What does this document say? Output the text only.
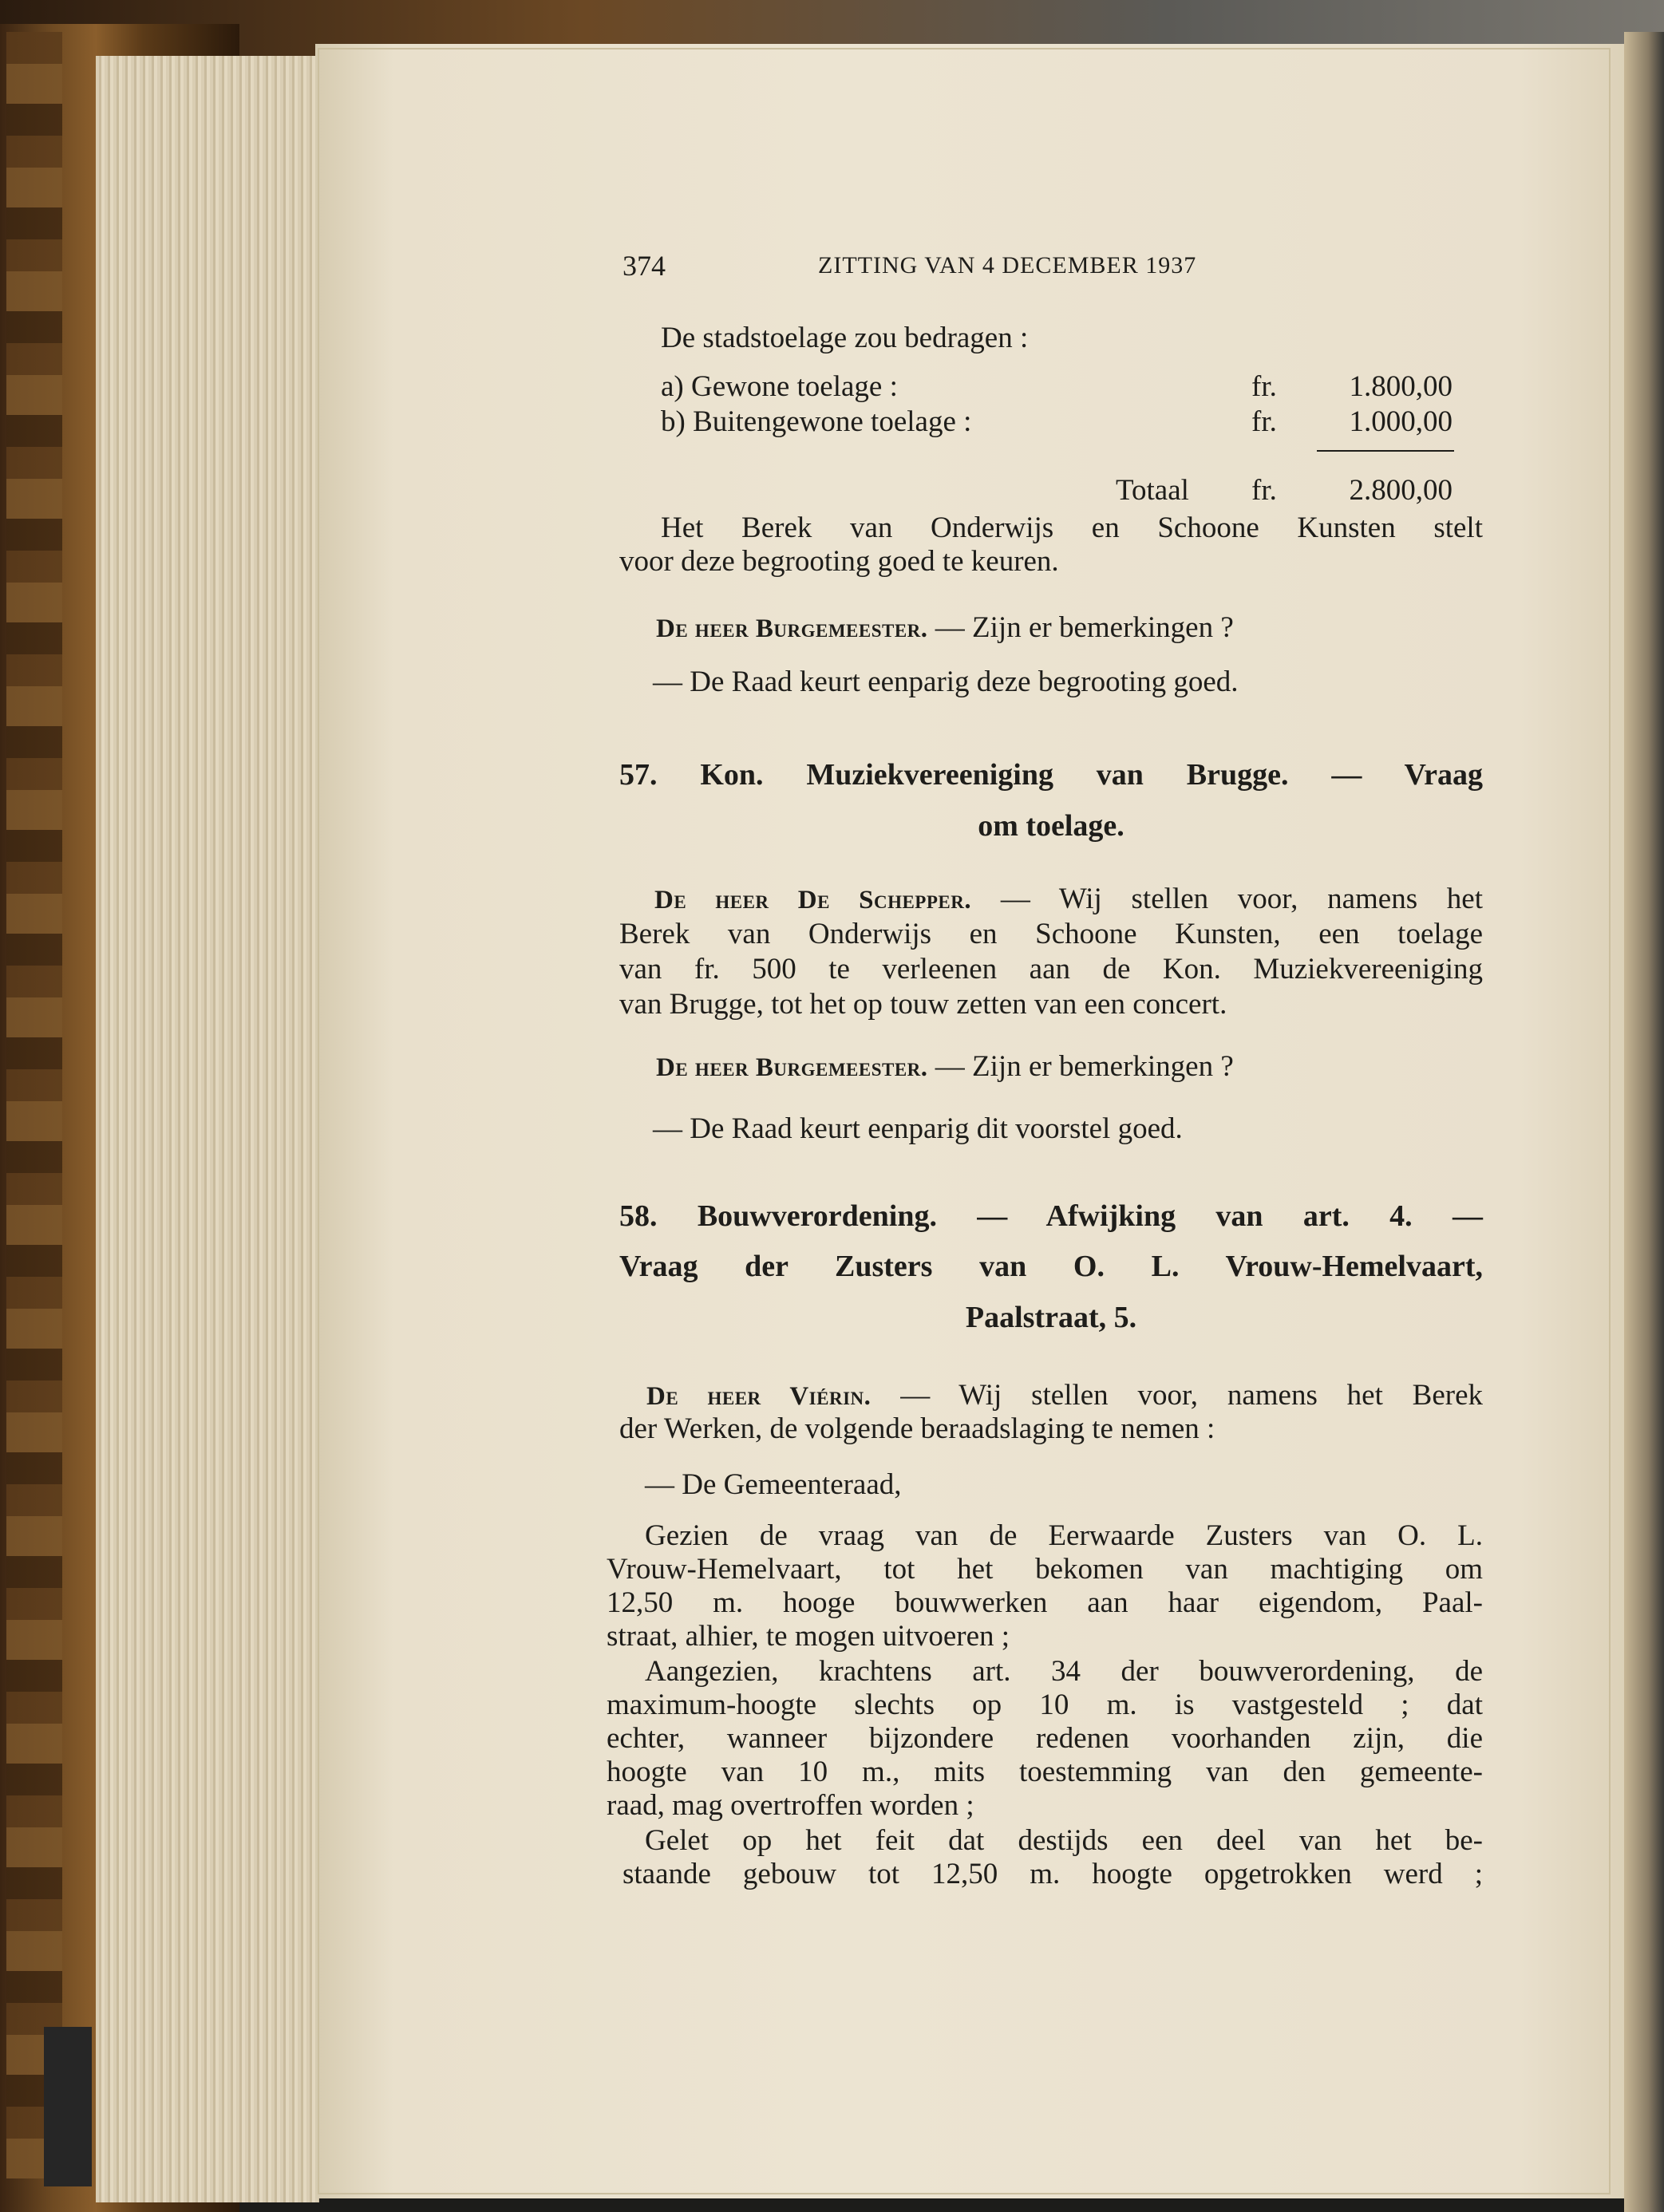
374	ZITTING VAN 4 DECEMBER 1937
De stadstoelage zou bedragen :
a) Gewone toelage :	fr.	1.800,00
b) Buitengewone toelage :	fr.	1.000,00
Totaal fr.	2.800,00
Het Berek van Onderwijs en Schoone Kunsten stelt
voor deze begrooting goed te keuren.
De heer Burgemeester. — Zijn er bemerkingen ?
— De Raad keurt eenparig deze begrooting goed.
57. Kon. Muziekvereeniging van Brugge. — Vraag
om toelage.
De heer De Schepper. — Wij stellen voor, namens het
Berek van Onderwijs en Schoone Kunsten, een toelage
van fr. 500 te verleenen aan de Kon. Muziekvereeniging
van Brugge, tot het op touw zetten van een concert.
De heer Burgemeester. — Zijn er bemerkingen ?
— De Raad keurt eenparig dit voorstel goed.
58. Bouwverordening. — Afwijking van art. 4. —
Vraag der Zusters van O. L. Vrouw-Hemelvaart,
Paalstraat, 5.
De heer Viérin. — Wij stellen voor, namens het Berek
der Werken, de volgende beraadslaging te nemen :
— De Gemeenteraad,
Gezien de vraag van de Eerwaarde Zusters van O. L.
Vrouw-Hemelvaart, tot het bekomen van machtiging om
12,50 m. hooge bouwwerken aan haar eigendom, Paal-
straat, alhier, te mogen uitvoeren ;
Aangezien, krachtens art. 34 der bouwverordening, de
maximum-hoogte slechts op 10 m. is vastgesteld ; dat
echter, wanneer bijzondere redenen voorhanden zijn, die
hoogte van 10 m., mits toestemming van den gemeente-
raad, mag overtroffen worden ;
Gelet op het feit dat destijds een deel van het be-
staande gebouw tot 12,50 m. hoogte opgetrokken werd ;
